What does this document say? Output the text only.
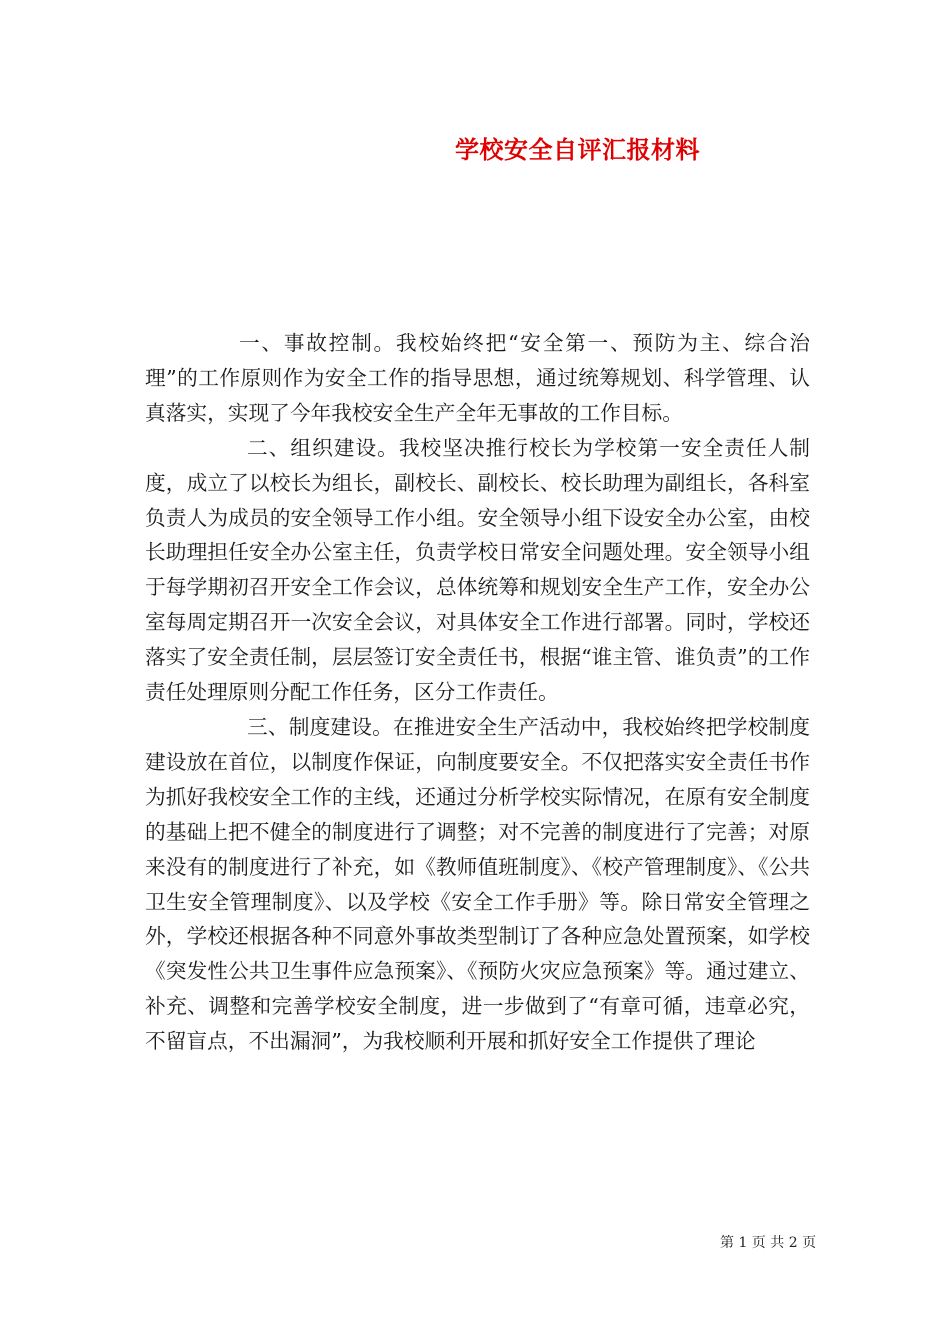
学校安全自评汇报材料

一、事故控制。我校始终把“安全第一、预防为主、综合治理”的工作原则作为安全工作的指导思想，通过统筹规划、科学管理、认真落实，实现了今年我校安全生产全年无事故的工作目标。

二、组织建设。我校坚决推行校长为学校第一安全责任人制度，成立了以校长为组长，副校长、副校长、校长助理为副组长，各科室负责人为成员的安全领导工作小组。安全领导小组下设安全办公室，由校长助理担任安全办公室主任，负责学校日常安全问题处理。安全领导小组于每学期初召开安全工作会议，总体统筹和规划安全生产工作，安全办公室每周定期召开一次安全会议，对具体安全工作进行部署。同时，学校还落实了安全责任制，层层签订安全责任书，根据“谁主管、谁负责”的工作责任处理原则分配工作任务，区分工作责任。

三、制度建设。在推进安全生产活动中，我校始终把学校制度建设放在首位，以制度作保证，向制度要安全。不仅把落实安全责任书作为抓好我校安全工作的主线，还通过分析学校实际情况，在原有安全制度的基础上把不健全的制度进行了调整；对不完善的制度进行了完善；对原来没有的制度进行了补充，如《教师值班制度》、《校产管理制度》、《公共卫生安全管理制度》、以及学校《安全工作手册》等。除日常安全管理之外，学校还根据各种不同意外事故类型制订了各种应急处置预案，如学校《突发性公共卫生事件应急预案》、《预防火灾应急预案》等。通过建立、补充、调整和完善学校安全制度，进一步做到了“有章可循，违章必究，不留盲点，不出漏洞”，为我校顺利开展和抓好安全工作提供了理论

第 1 页 共 2 页
